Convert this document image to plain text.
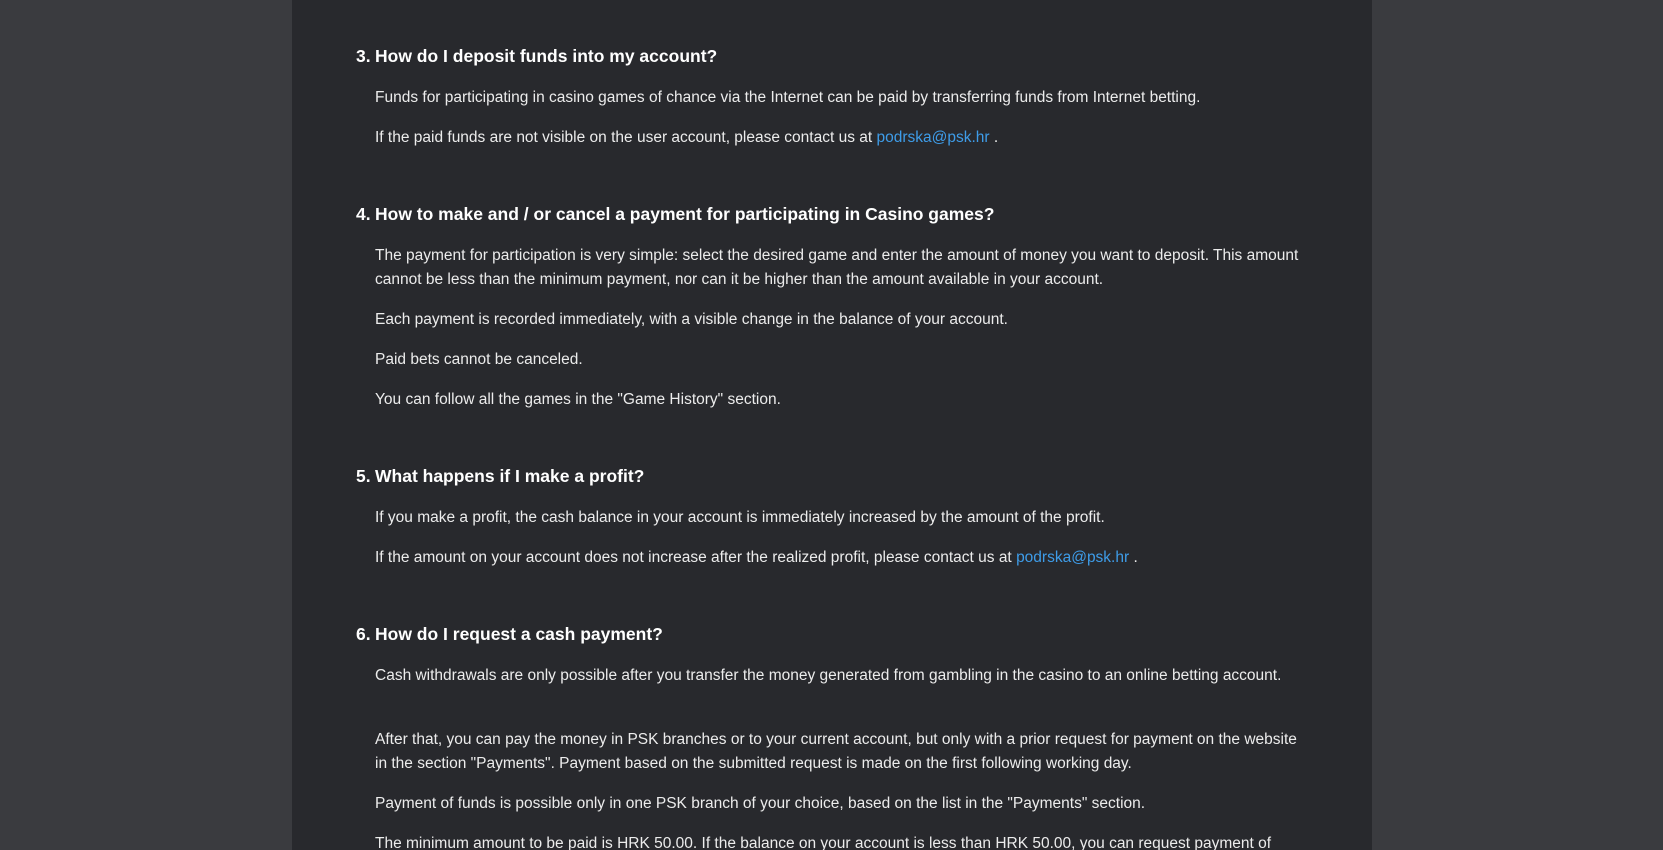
3. How do I deposit funds into my account?

Funds for participating in casino games of chance via the Internet can be paid by transferring funds from Internet betting.

If the paid funds are not visible on the user account, please contact us at podrska@psk.hr .

4. How to make and / or cancel a payment for participating in Casino games?

The payment for participation is very simple: select the desired game and enter the amount of money you want to deposit. This amount cannot be less than the minimum payment, nor can it be higher than the amount available in your account.

Each payment is recorded immediately, with a visible change in the balance of your account.

Paid bets cannot be canceled.

You can follow all the games in the "Game History" section.

5. What happens if I make a profit?

If you make a profit, the cash balance in your account is immediately increased by the amount of the profit.

If the amount on your account does not increase after the realized profit, please contact us at podrska@psk.hr .

6. How do I request a cash payment?

Cash withdrawals are only possible after you transfer the money generated from gambling in the casino to an online betting account.

After that, you can pay the money in PSK branches or to your current account, but only with a prior request for payment on the website in the section "Payments". Payment based on the submitted request is made on the first following working day.

Payment of funds is possible only in one PSK branch of your choice, based on the list in the "Payments" section.

The minimum amount to be paid is HRK 50.00. If the balance on your account is less than HRK 50.00, you can request payment of
